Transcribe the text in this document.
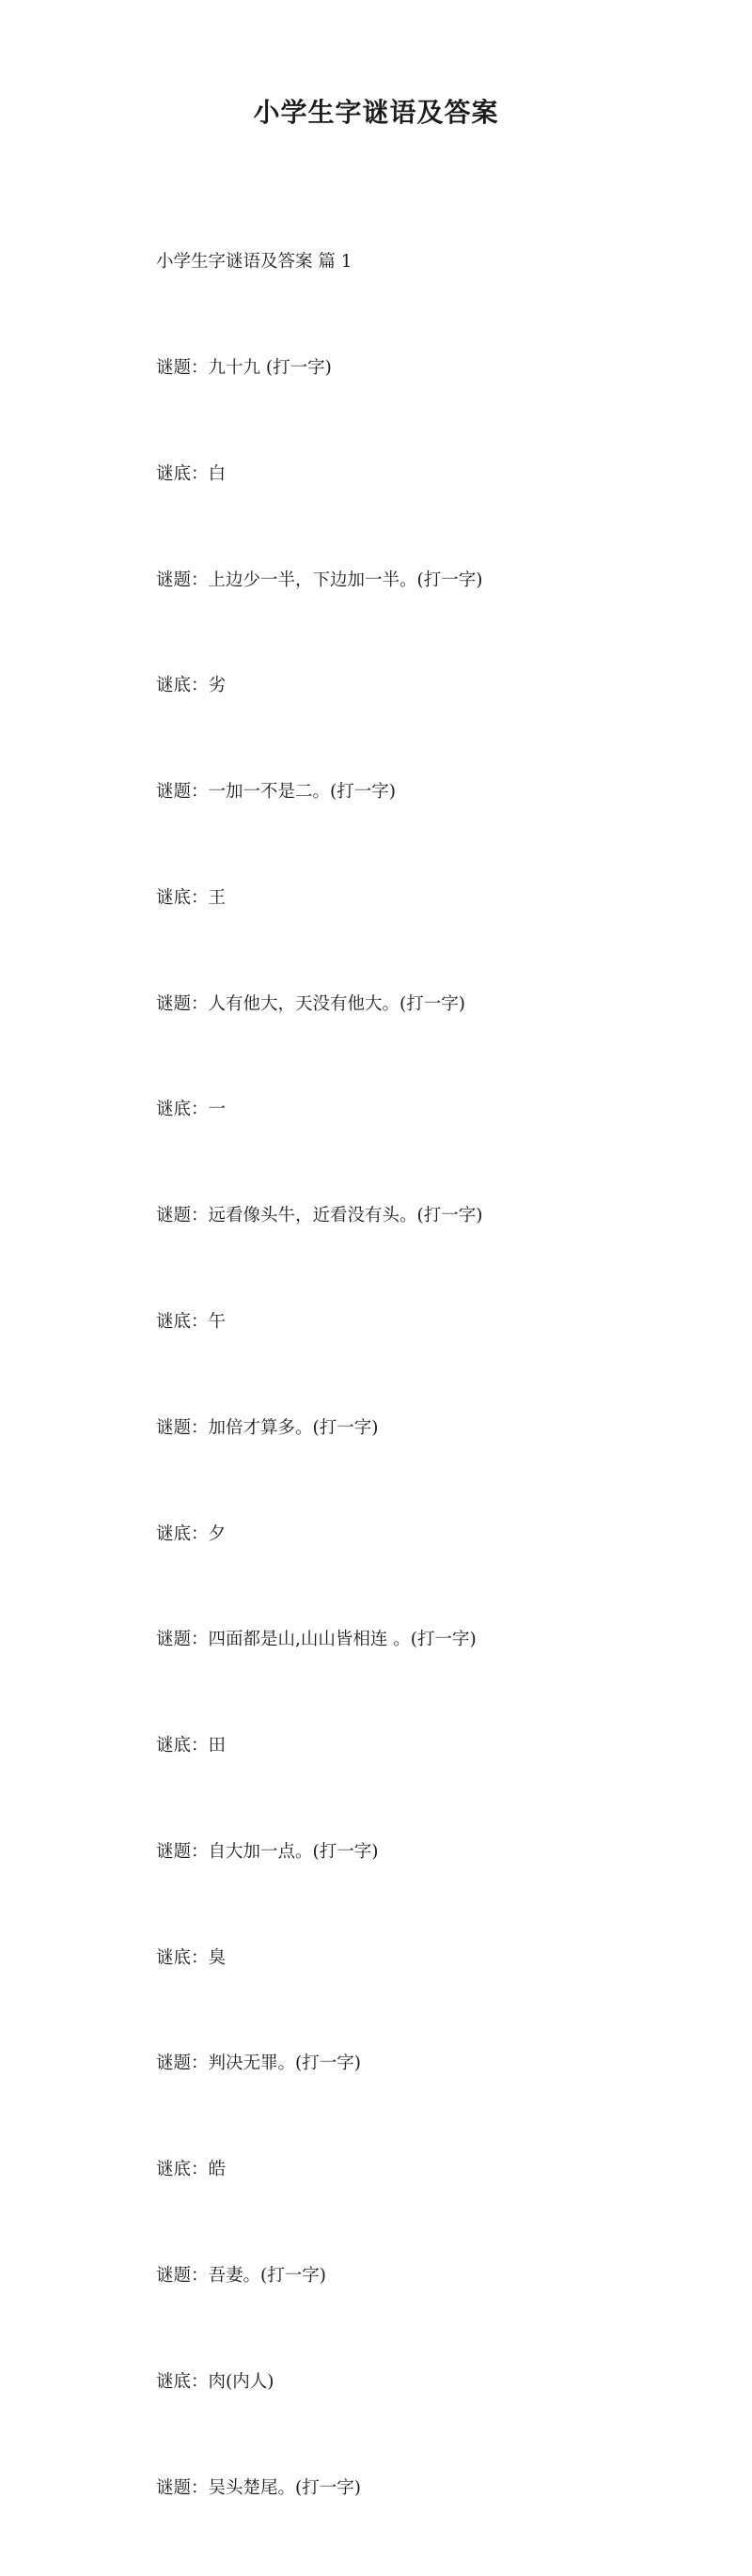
小学生字谜语及答案

小学生字谜语及答案 篇 1

谜题：九十九 (打一字)

谜底：白

谜题：上边少一半，下边加一半。(打一字)

谜底：劣

谜题：一加一不是二。(打一字)

谜底：王

谜题：人有他大，天没有他大。(打一字)

谜底：一

谜题：远看像头牛，近看没有头。(打一字)

谜底：午

谜题：加倍才算多。(打一字)

谜底：夕

谜题：四面都是山,山山皆相连 。(打一字)

谜底：田

谜题：自大加一点。(打一字)

谜底：臭

谜题：判决无罪。(打一字)

谜底：皓

谜题：吾妻。(打一字)

谜底：肉(内人)

谜题：吴头楚尾。(打一字)
